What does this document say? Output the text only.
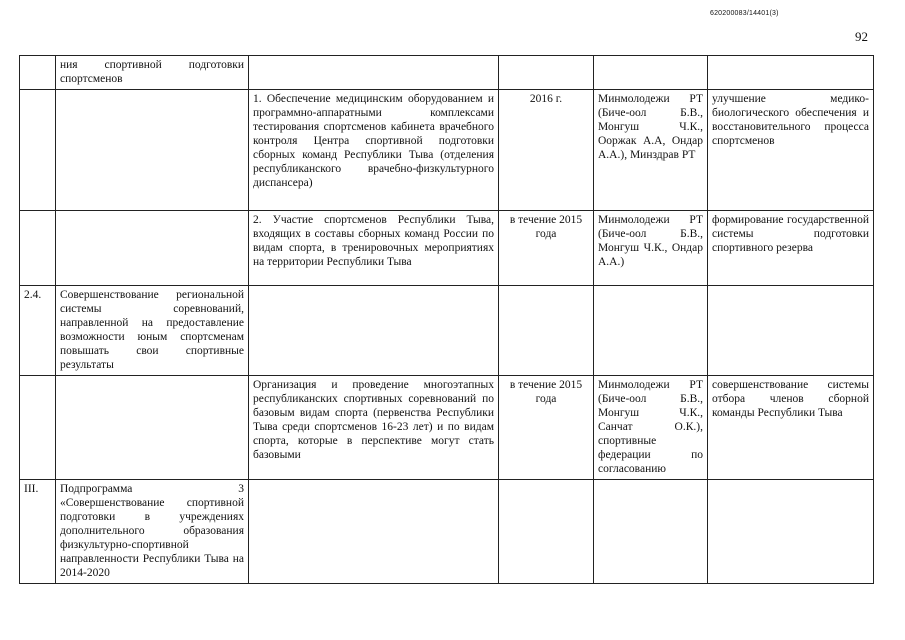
620200083/14401(3)
92
	ния спортивной подготовки спортсменов				
		1. Обеспечение медицинским оборудованием и программно-аппаратными комплексами тестирования спортсменов кабинета врачебного контроля Центра спортивной подготовки сборных команд Республики Тыва (отделения республиканского врачебно-физкультурного диспансера)	2016 г.	Минмолодежи РТ (Биче-оол Б.В., Монгуш Ч.К., Ооржак А.А, Ондар А.А.), Минздрав РТ	улучшение медико-биологического обеспечения и восстановительного процесса спортсменов
		2. Участие спортсменов Республики Тыва, входящих в составы сборных команд России по видам спорта, в тренировочных мероприятиях на территории Республики Тыва	в течение 2015 года	Минмолодежи РТ (Биче-оол Б.В., Монгуш Ч.К., Ондар А.А.)	формирование государственной системы подготовки спортивного резерва
2.4.	Совершенствование региональной системы соревнований, направленной на предоставление возможности юным спортсменам повышать свои спортивные результаты				
		Организация и проведение многоэтапных республиканских спортивных соревнований по базовым видам спорта (первенства Республики Тыва среди спортсменов 16-23 лет) и по видам спорта, которые в перспективе могут стать базовыми	в течение 2015 года	Минмолодежи РТ (Биче-оол Б.В., Монгуш Ч.К., Санчат О.К.), спортивные федерации по согласованию	совершенствование системы отбора членов сборной команды Республики Тыва
III.	Подпрограмма 3 «Совершенствование спортивной подготовки в учреждениях дополнительного образования физкультурно-спортивной направленности Республики Тыва на 2014-2020				
